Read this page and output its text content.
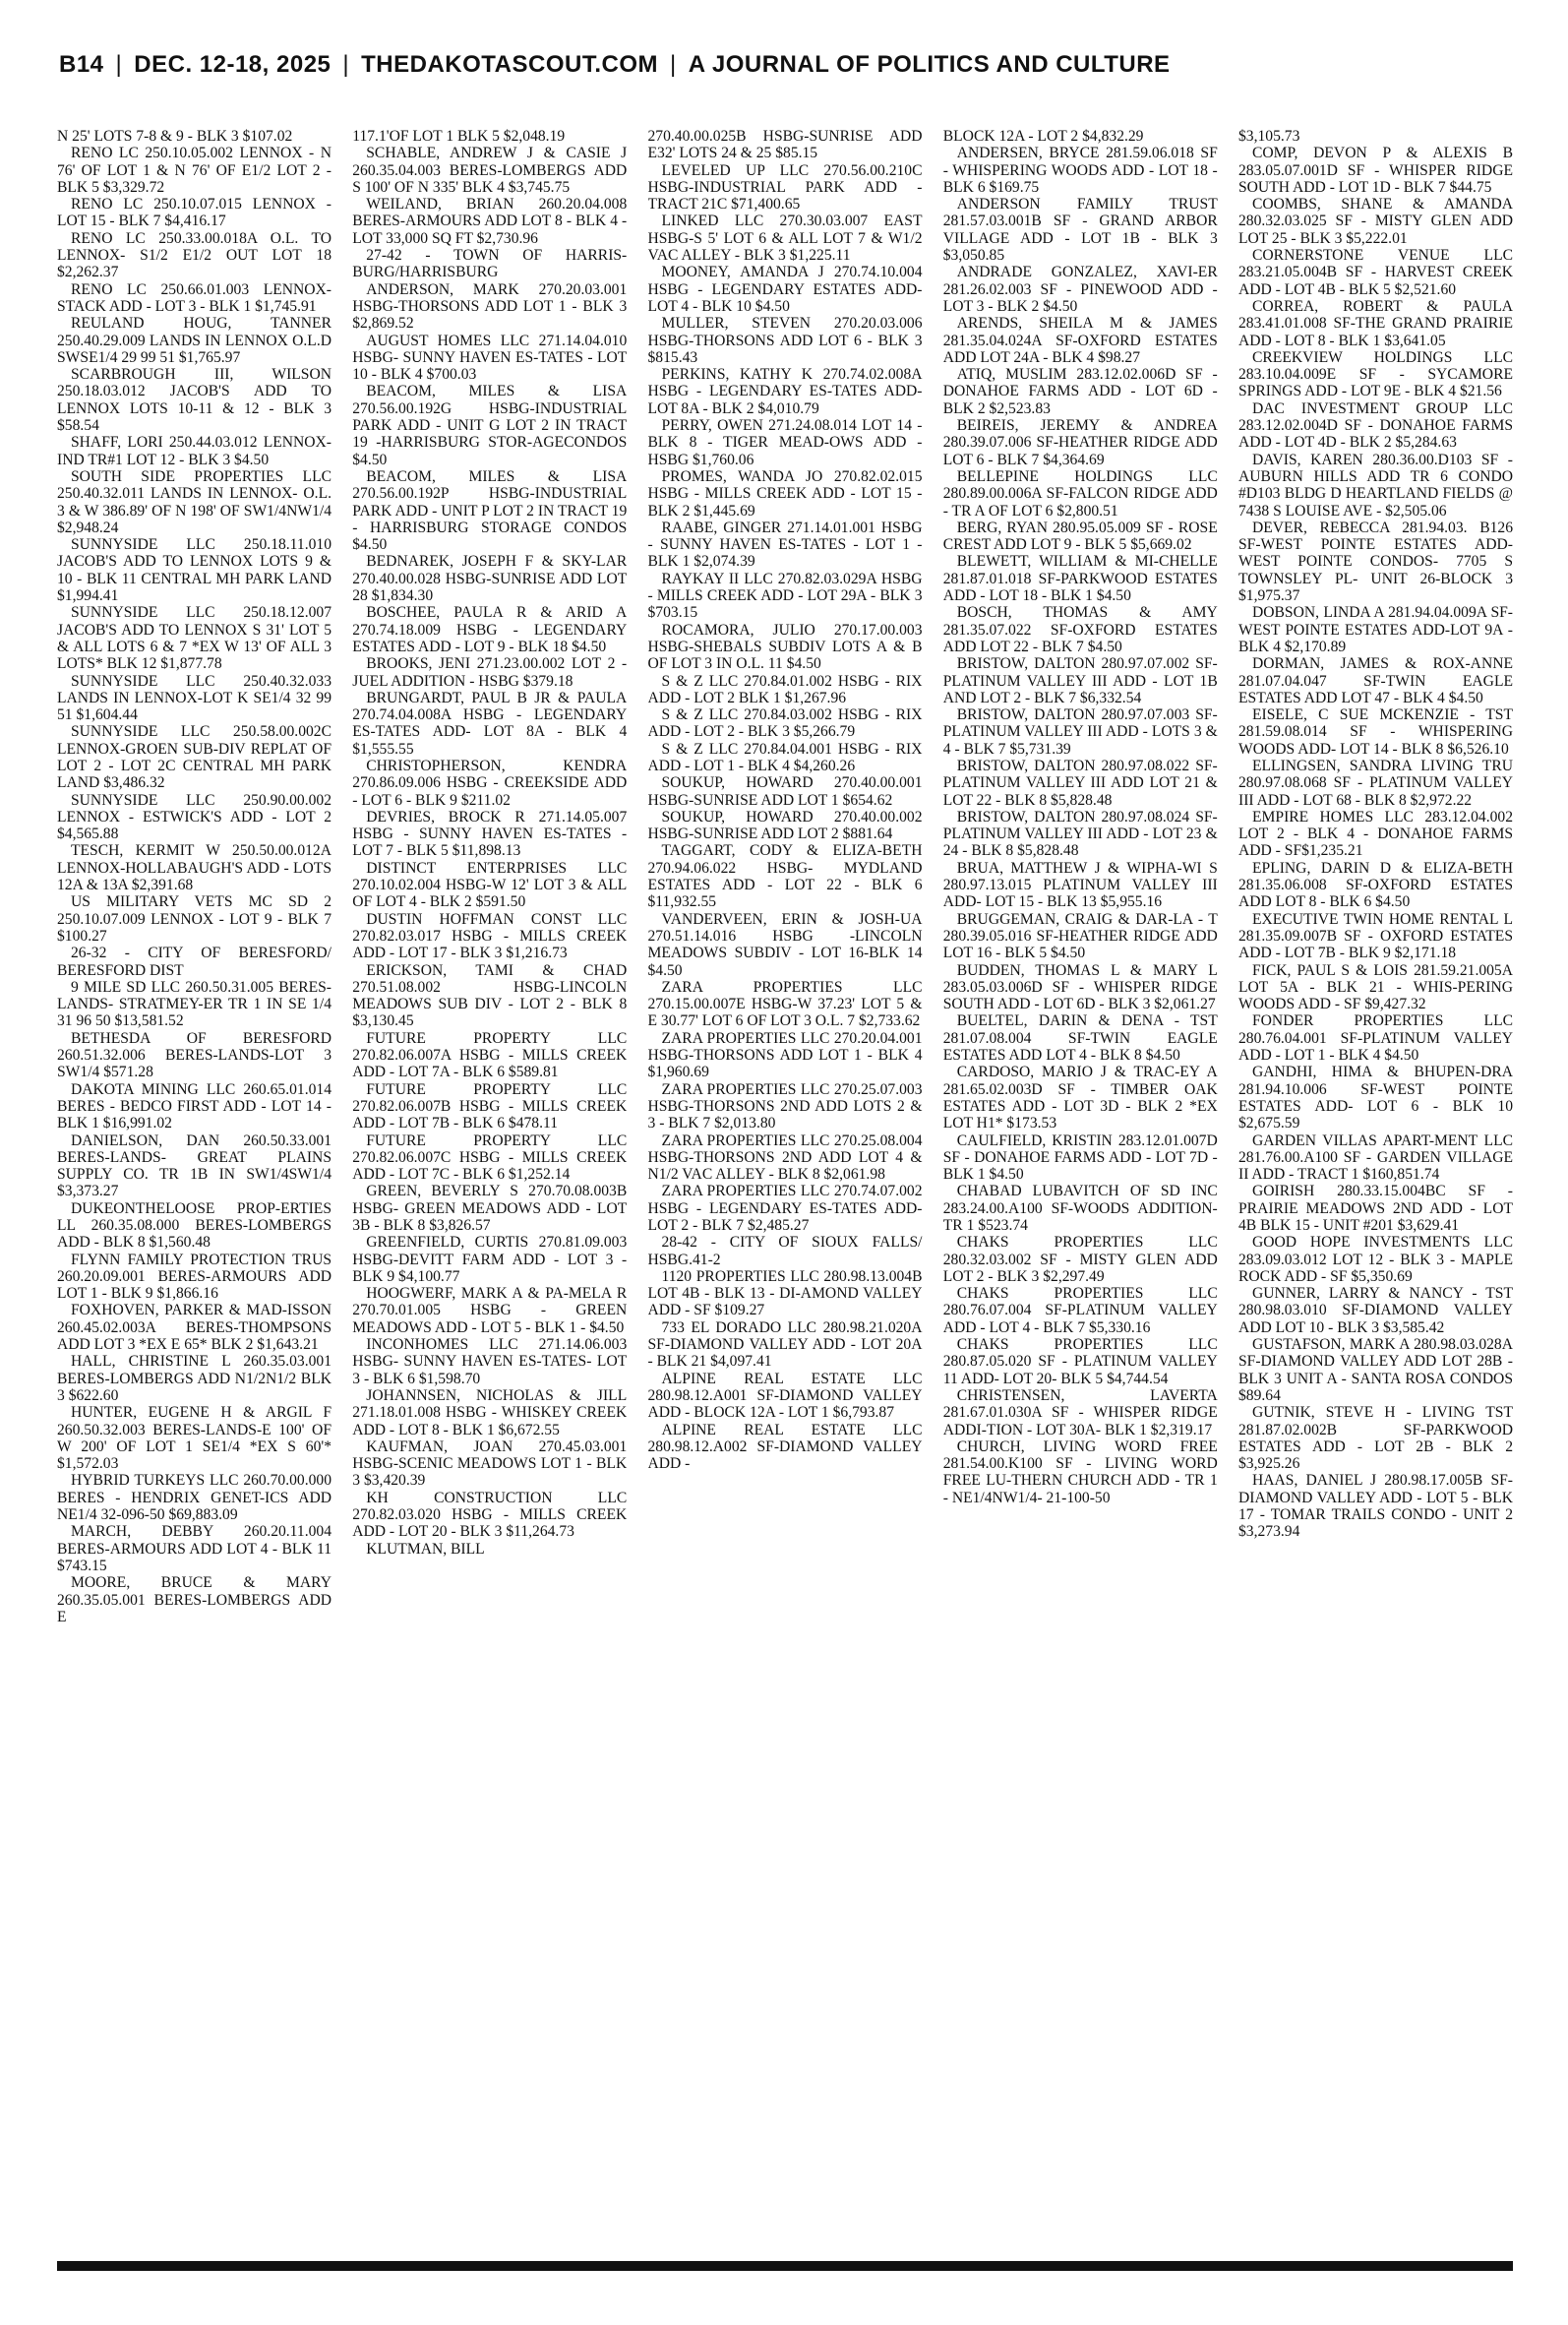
B14 | DEC. 12-18, 2025 | THEDAKOTASCOUT.COM | A JOURNAL OF POLITICS AND CULTURE

N 25' LOTS 7-8 & 9 - BLK 3 $107.02

RENO LC 250.10.05.002 LENNOX - N 76' OF LOT 1 & N 76' OF E1/2 LOT 2 - BLK 5 $3,329.72

RENO LC 250.10.07.015 LENNOX - LOT 15 - BLK 7 $4,416.17

RENO LC 250.33.00.018A O.L. TO LENNOX- S1/2 E1/2 OUT LOT 18 $2,262.37

RENO LC 250.66.01.003 LENNOX-STACK ADD - LOT 3 - BLK 1 $1,745.91

REULAND HOUG, TANNER 250.40.29.009 LANDS IN LENNOX O.L.D SWSE1/4 29 99 51 $1,765.97

SCARBROUGH III, WILSON 250.18.03.012 JACOB'S ADD TO LENNOX LOTS 10-11 & 12 - BLK 3 $58.54

SHAFF, LORI 250.44.03.012 LENNOX-IND TR#1 LOT 12 - BLK 3 $4.50

SOUTH SIDE PROPERTIES LLC 250.40.32.011 LANDS IN LENNOX- O.L. 3 & W 386.89' OF N 198' OF SW1/4NW1/4 $2,948.24

SUNNYSIDE LLC 250.18.11.010 JACOB'S ADD TO LENNOX LOTS 9 & 10 - BLK 11 CENTRAL MH PARK LAND $1,994.41

SUNNYSIDE LLC 250.18.12.007 JACOB'S ADD TO LENNOX S 31' LOT 5 & ALL LOTS 6 & 7 *EX W 13' OF ALL 3 LOTS* BLK 12 $1,877.78

SUNNYSIDE LLC 250.40.32.033 LANDS IN LENNOX-LOT K SE1/4 32 99 51 $1,604.44

SUNNYSIDE LLC 250.58.00.002C LENNOX-GROEN SUB-DIV REPLAT OF LOT 2 - LOT 2C CENTRAL MH PARK LAND $3,486.32

SUNNYSIDE LLC 250.90.00.002 LENNOX - ESTWICK'S ADD - LOT 2 $4,565.88

TESCH, KERMIT W 250.50.00.012A LENNOX-HOLLABAUGH'S ADD - LOTS 12A & 13A $2,391.68

US MILITARY VETS MC SD 2 250.10.07.009 LENNOX - LOT 9 - BLK 7 $100.27

26-32 - CITY OF BERESFORD/ BERESFORD DIST

9 MILE SD LLC 260.50.31.005 BERES-LANDS- STRATMEY-ER TR 1 IN SE 1/4 31 96 50 $13,581.52

BETHESDA OF BERESFORD 260.51.32.006 BERES-LANDS-LOT 3 SW1/4 $571.28

DAKOTA MINING LLC 260.65.01.014 BERES - BEDCO FIRST ADD - LOT 14 - BLK 1 $16,991.02

DANIELSON, DAN 260.50.33.001 BERES-LANDS- GREAT PLAINS SUPPLY CO. TR 1B IN SW1/4SW1/4 $3,373.27

DUKEONTHELOOSE PROP-ERTIES LL 260.35.08.000 BERES-LOMBERGS ADD - BLK 8 $1,560.48

FLYNN FAMILY PROTECTION TRUS 260.20.09.001 BERES-ARMOURS ADD LOT 1 - BLK 9 $1,866.16

FOXHOVEN, PARKER & MAD-ISSON 260.45.02.003A BERES-THOMPSONS ADD LOT 3 *EX E 65* BLK 2 $1,643.21

HALL, CHRISTINE L 260.35.03.001 BERES-LOMBERGS ADD N1/2N1/2 BLK 3 $622.60

HUNTER, EUGENE H & ARGIL F 260.50.32.003 BERES-LANDS-E 100' OF W 200' OF LOT 1 SE1/4 *EX S 60'* $1,572.03

HYBRID TURKEYS LLC 260.70.00.000 BERES - HENDRIX GENET-ICS ADD NE1/4 32-096-50 $69,883.09

MARCH, DEBBY 260.20.11.004 BERES-ARMOURS ADD LOT 4 - BLK 11 $743.15

MOORE, BRUCE & MARY 260.35.05.001 BERES-LOMBERGS ADD E

117.1'OF LOT 1 BLK 5 $2,048.19

SCHABLE, ANDREW J & CASIE J 260.35.04.003 BERES-LOMBERGS ADD S 100' OF N 335' BLK 4 $3,745.75

WEILAND, BRIAN 260.20.04.008 BERES-ARMOURS ADD LOT 8 - BLK 4 - LOT 33,000 SQ FT $2,730.96

27-42 - TOWN OF HARRIS-BURG/HARRISBURG

ANDERSON, MARK 270.20.03.001 HSBG-THORSONS ADD LOT 1 - BLK 3 $2,869.52

AUGUST HOMES LLC 271.14.04.010 HSBG- SUNNY HAVEN ES-TATES - LOT 10 - BLK 4 $700.03

BEACOM, MILES & LISA 270.56.00.192G HSBG-INDUSTRIAL PARK ADD - UNIT G LOT 2 IN TRACT 19 -HARRISBURG STOR-AGECONDOS $4.50

BEACOM, MILES & LISA 270.56.00.192P HSBG-INDUSTRIAL PARK ADD - UNIT P LOT 2 IN TRACT 19 - HARRISBURG STORAGE CONDOS $4.50

BEDNAREK, JOSEPH F & SKY-LAR 270.40.00.028 HSBG-SUNRISE ADD LOT 28 $1,834.30

BOSCHEE, PAULA R & ARID A 270.74.18.009 HSBG - LEGENDARY ESTATES ADD - LOT 9 - BLK 18 $4.50

BROOKS, JENI 271.23.00.002 LOT 2 - JUEL ADDITION - HSBG $379.18

BRUNGARDT, PAUL B JR & PAULA 270.74.04.008A HSBG - LEGENDARY ES-TATES ADD- LOT 8A - BLK 4 $1,555.55

CHRISTOPHERSON, KENDRA 270.86.09.006 HSBG - CREEKSIDE ADD - LOT 6 - BLK 9 $211.02

DEVRIES, BROCK R 271.14.05.007 HSBG - SUNNY HAVEN ES-TATES - LOT 7 - BLK 5 $11,898.13

DISTINCT ENTERPRISES LLC 270.10.02.004 HSBG-W 12' LOT 3 & ALL OF LOT 4 - BLK 2 $591.50

DUSTIN HOFFMAN CONST LLC 270.82.03.017 HSBG - MILLS CREEK ADD - LOT 17 - BLK 3 $1,216.73

ERICKSON, TAMI & CHAD 270.51.08.002 HSBG-LINCOLN MEADOWS SUB DIV - LOT 2 - BLK 8 $3,130.45

FUTURE PROPERTY LLC 270.82.06.007A HSBG - MILLS CREEK ADD - LOT 7A - BLK 6 $589.81

FUTURE PROPERTY LLC 270.82.06.007B HSBG - MILLS CREEK ADD - LOT 7B - BLK 6 $478.11

FUTURE PROPERTY LLC 270.82.06.007C HSBG - MILLS CREEK ADD - LOT 7C - BLK 6 $1,252.14

GREEN, BEVERLY S 270.70.08.003B HSBG- GREEN MEADOWS ADD - LOT 3B - BLK 8 $3,826.57

GREENFIELD, CURTIS 270.81.09.003 HSBG-DEVITT FARM ADD - LOT 3 - BLK 9 $4,100.77

HOOGWERF, MARK A & PA-MELA R 270.70.01.005 HSBG - GREEN MEADOWS ADD - LOT 5 - BLK 1 - $4.50

INCONHOMES LLC 271.14.06.003 HSBG- SUNNY HAVEN ES-TATES- LOT 3 - BLK 6 $1,598.70

JOHANNSEN, NICHOLAS & JILL 271.18.01.008 HSBG - WHISKEY CREEK ADD - LOT 8 - BLK 1 $6,672.55

KAUFMAN, JOAN 270.45.03.001 HSBG-SCENIC MEADOWS LOT 1 - BLK 3 $3,420.39

KH CONSTRUCTION LLC 270.82.03.020 HSBG - MILLS CREEK ADD - LOT 20 - BLK 3 $11,264.73

KLUTMAN, BILL

270.40.00.025B HSBG-SUNRISE ADD E32' LOTS 24 & 25 $85.15

LEVELED UP LLC 270.56.00.210C HSBG-INDUSTRIAL PARK ADD - TRACT 21C $71,400.65

LINKED LLC 270.30.03.007 EAST HSBG-S 5' LOT 6 & ALL LOT 7 & W1/2 VAC ALLEY - BLK 3 $1,225.11

MOONEY, AMANDA J 270.74.10.004 HSBG - LEGENDARY ESTATES ADD- LOT 4 - BLK 10 $4.50

MULLER, STEVEN 270.20.03.006 HSBG-THORSONS ADD LOT 6 - BLK 3 $815.43

PERKINS, KATHY K 270.74.02.008A HSBG - LEGENDARY ES-TATES ADD- LOT 8A - BLK 2 $4,010.79

PERRY, OWEN 271.24.08.014 LOT 14 - BLK 8 - TIGER MEAD-OWS ADD - HSBG $1,760.06

PROMES, WANDA JO 270.82.02.015 HSBG - MILLS CREEK ADD - LOT 15 - BLK 2 $1,445.69

RAABE, GINGER 271.14.01.001 HSBG - SUNNY HAVEN ES-TATES - LOT 1 - BLK 1 $2,074.39

RAYKAY II LLC 270.82.03.029A HSBG - MILLS CREEK ADD - LOT 29A - BLK 3 $703.15

ROCAMORA, JULIO 270.17.00.003 HSBG-SHEBALS SUBDIV LOTS A & B OF LOT 3 IN O.L. 11 $4.50

S & Z LLC 270.84.01.002 HSBG - RIX ADD - LOT 2 BLK 1 $1,267.96

S & Z LLC 270.84.03.002 HSBG - RIX ADD - LOT 2 - BLK 3 $5,266.79

S & Z LLC 270.84.04.001 HSBG - RIX ADD - LOT 1 - BLK 4 $4,260.26

SOUKUP, HOWARD 270.40.00.001 HSBG-SUNRISE ADD LOT 1 $654.62

SOUKUP, HOWARD 270.40.00.002 HSBG-SUNRISE ADD LOT 2 $881.64

TAGGART, CODY & ELIZA-BETH 270.94.06.022 HSBG- MYDLAND ESTATES ADD - LOT 22 - BLK 6 $11,932.55

VANDERVEEN, ERIN & JOSH-UA 270.51.14.016 HSBG -LINCOLN MEADOWS SUBDIV - LOT 16-BLK 14 $4.50

ZARA PROPERTIES LLC 270.15.00.007E HSBG-W 37.23' LOT 5 & E 30.77' LOT 6 OF LOT 3 O.L. 7 $2,733.62

ZARA PROPERTIES LLC 270.20.04.001 HSBG-THORSONS ADD LOT 1 - BLK 4 $1,960.69

ZARA PROPERTIES LLC 270.25.07.003 HSBG-THORSONS 2ND ADD LOTS 2 & 3 - BLK 7 $2,013.80

ZARA PROPERTIES LLC 270.25.08.004 HSBG-THORSONS 2ND ADD LOT 4 & N1/2 VAC ALLEY - BLK 8 $2,061.98

ZARA PROPERTIES LLC 270.74.07.002 HSBG - LEGENDARY ES-TATES ADD- LOT 2 - BLK 7 $2,485.27

28-42 - CITY OF SIOUX FALLS/ HSBG.41-2

1120 PROPERTIES LLC 280.98.13.004B LOT 4B - BLK 13 - DI-AMOND VALLEY ADD - SF $109.27

733 EL DORADO LLC 280.98.21.020A SF-DIAMOND VALLEY ADD - LOT 20A - BLK 21 $4,097.41

ALPINE REAL ESTATE LLC 280.98.12.A001 SF-DIAMOND VALLEY ADD - BLOCK 12A - LOT 1 $6,793.87

ALPINE REAL ESTATE LLC 280.98.12.A002 SF-DIAMOND VALLEY ADD -

BLOCK 12A - LOT 2 $4,832.29

ANDERSEN, BRYCE 281.59.06.018 SF - WHISPERING WOODS ADD - LOT 18 - BLK 6 $169.75

ANDERSON FAMILY TRUST 281.57.03.001B SF - GRAND ARBOR VILLAGE ADD - LOT 1B - BLK 3 $3,050.85

ANDRADE GONZALEZ, XAVI-ER 281.26.02.003 SF - PINEWOOD ADD - LOT 3 - BLK 2 $4.50

ARENDS, SHEILA M & JAMES 281.35.04.024A SF-OXFORD ESTATES ADD LOT 24A - BLK 4 $98.27

ATIQ, MUSLIM 283.12.02.006D SF - DONAHOE FARMS ADD - LOT 6D - BLK 2 $2,523.83

BEIREIS, JEREMY & ANDREA 280.39.07.006 SF-HEATHER RIDGE ADD LOT 6 - BLK 7 $4,364.69

BELLEPINE HOLDINGS LLC 280.89.00.006A SF-FALCON RIDGE ADD - TR A OF LOT 6 $2,800.51

BERG, RYAN 280.95.05.009 SF - ROSE CREST ADD LOT 9 - BLK 5 $5,669.02

BLEWETT, WILLIAM & MI-CHELLE 281.87.01.018 SF-PARKWOOD ESTATES ADD - LOT 18 - BLK 1 $4.50

BOSCH, THOMAS & AMY 281.35.07.022 SF-OXFORD ESTATES ADD LOT 22 - BLK 7 $4.50

BRISTOW, DALTON 280.97.07.002 SF-PLATINUM VALLEY III ADD - LOT 1B AND LOT 2 - BLK 7 $6,332.54

BRISTOW, DALTON 280.97.07.003 SF-PLATINUM VALLEY III ADD - LOTS 3 & 4 - BLK 7 $5,731.39

BRISTOW, DALTON 280.97.08.022 SF-PLATINUM VALLEY III ADD LOT 21 & LOT 22 - BLK 8 $5,828.48

BRISTOW, DALTON 280.97.08.024 SF-PLATINUM VALLEY III ADD - LOT 23 & 24 - BLK 8 $5,828.48

BRUA, MATTHEW J & WIPHA-WI S 280.97.13.015 PLATINUM VALLEY III ADD- LOT 15 - BLK 13 $5,955.16

BRUGGEMAN, CRAIG & DAR-LA - T 280.39.05.016 SF-HEATHER RIDGE ADD LOT 16 - BLK 5 $4.50

BUDDEN, THOMAS L & MARY L 283.05.03.006D SF - WHISPER RIDGE SOUTH ADD - LOT 6D - BLK 3 $2,061.27

BUELTEL, DARIN & DENA - TST 281.07.08.004 SF-TWIN EAGLE ESTATES ADD LOT 4 - BLK 8 $4.50

CARDOSO, MARIO J & TRAC-EY A 281.65.02.003D SF - TIMBER OAK ESTATES ADD - LOT 3D - BLK 2 *EX LOT H1* $173.53

CAULFIELD, KRISTIN 283.12.01.007D SF - DONAHOE FARMS ADD - LOT 7D - BLK 1 $4.50

CHABAD LUBAVITCH OF SD INC 283.24.00.A100 SF-WOODS ADDITION- TR 1 $523.74

CHAKS PROPERTIES LLC 280.32.03.002 SF - MISTY GLEN ADD LOT 2 - BLK 3 $2,297.49

CHAKS PROPERTIES LLC 280.76.07.004 SF-PLATINUM VALLEY ADD - LOT 4 - BLK 7 $5,330.16

CHAKS PROPERTIES LLC 280.87.05.020 SF - PLATINUM VALLEY 11 ADD- LOT 20- BLK 5 $4,744.54

CHRISTENSEN, LAVERTA 281.67.01.030A SF - WHISPER RIDGE ADDI-TION - LOT 30A- BLK 1 $2,319.17

CHURCH, LIVING WORD FREE 281.54.00.K100 SF - LIVING WORD FREE LU-THERN CHURCH ADD - TR 1 - NE1/4NW1/4- 21-100-50

$3,105.73

COMP, DEVON P & ALEXIS B 283.05.07.001D SF - WHISPER RIDGE SOUTH ADD - LOT 1D - BLK 7 $44.75

COOMBS, SHANE & AMANDA 280.32.03.025 SF - MISTY GLEN ADD LOT 25 - BLK 3 $5,222.01

CORNERSTONE VENUE LLC 283.21.05.004B SF - HARVEST CREEK ADD - LOT 4B - BLK 5 $2,521.60

CORREA, ROBERT & PAULA 283.41.01.008 SF-THE GRAND PRAIRIE ADD - LOT 8 - BLK 1 $3,641.05

CREEKVIEW HOLDINGS LLC 283.10.04.009E SF - SYCAMORE SPRINGS ADD - LOT 9E - BLK 4 $21.56

DAC INVESTMENT GROUP LLC 283.12.02.004D SF - DONAHOE FARMS ADD - LOT 4D - BLK 2 $5,284.63

DAVIS, KAREN 280.36.00.D103 SF - AUBURN HILLS ADD TR 6 CONDO #D103 BLDG D HEARTLAND FIELDS @ 7438 S LOUISE AVE - $2,505.06

DEVER, REBECCA 281.94.03. B126 SF-WEST POINTE ESTATES ADD- WEST POINTE CONDOS- 7705 S TOWNSLEY PL- UNIT 26-BLOCK 3 $1,975.37

DOBSON, LINDA A 281.94.04.009A SF-WEST POINTE ESTATES ADD-LOT 9A - BLK 4 $2,170.89

DORMAN, JAMES & ROX-ANNE 281.07.04.047 SF-TWIN EAGLE ESTATES ADD LOT 47 - BLK 4 $4.50

EISELE, C SUE MCKENZIE - TST 281.59.08.014 SF - WHISPERING WOODS ADD- LOT 14 - BLK 8 $6,526.10

ELLINGSEN, SANDRA LIVING TRU 280.97.08.068 SF - PLATINUM VALLEY III ADD - LOT 68 - BLK 8 $2,972.22

EMPIRE HOMES LLC 283.12.04.002 LOT 2 - BLK 4 - DONAHOE FARMS ADD - SF$1,235.21

EPLING, DARIN D & ELIZA-BETH 281.35.06.008 SF-OXFORD ESTATES ADD LOT 8 - BLK 6 $4.50

EXECUTIVE TWIN HOME RENTAL L 281.35.09.007B SF - OXFORD ESTATES ADD - LOT 7B - BLK 9 $2,171.18

FICK, PAUL S & LOIS 281.59.21.005A LOT 5A - BLK 21 - WHIS-PERING WOODS ADD - SF $9,427.32

FONDER PROPERTIES LLC 280.76.04.001 SF-PLATINUM VALLEY ADD - LOT 1 - BLK 4 $4.50

GANDHI, HIMA & BHUPEN-DRA 281.94.10.006 SF-WEST POINTE ESTATES ADD- LOT 6 - BLK 10 $2,675.59

GARDEN VILLAS APART-MENT LLC 281.76.00.A100 SF - GARDEN VILLAGE II ADD - TRACT 1 $160,851.74

GOIRISH 280.33.15.004BC SF - PRAIRIE MEADOWS 2ND ADD - LOT 4B BLK 15 - UNIT #201 $3,629.41

GOOD HOPE INVESTMENTS LLC 283.09.03.012 LOT 12 - BLK 3 - MAPLE ROCK ADD - SF $5,350.69

GUNNER, LARRY & NANCY - TST 280.98.03.010 SF-DIAMOND VALLEY ADD LOT 10 - BLK 3 $3,585.42

GUSTAFSON, MARK A 280.98.03.028A SF-DIAMOND VALLEY ADD LOT 28B - BLK 3 UNIT A - SANTA ROSA CONDOS $89.64

GUTNIK, STEVE H - LIVING TST 281.87.02.002B SF-PARKWOOD ESTATES ADD - LOT 2B - BLK 2 $3,925.26

HAAS, DANIEL J 280.98.17.005B SF-DIAMOND VALLEY ADD - LOT 5 - BLK 17 - TOMAR TRAILS CONDO - UNIT 2 $3,273.94
